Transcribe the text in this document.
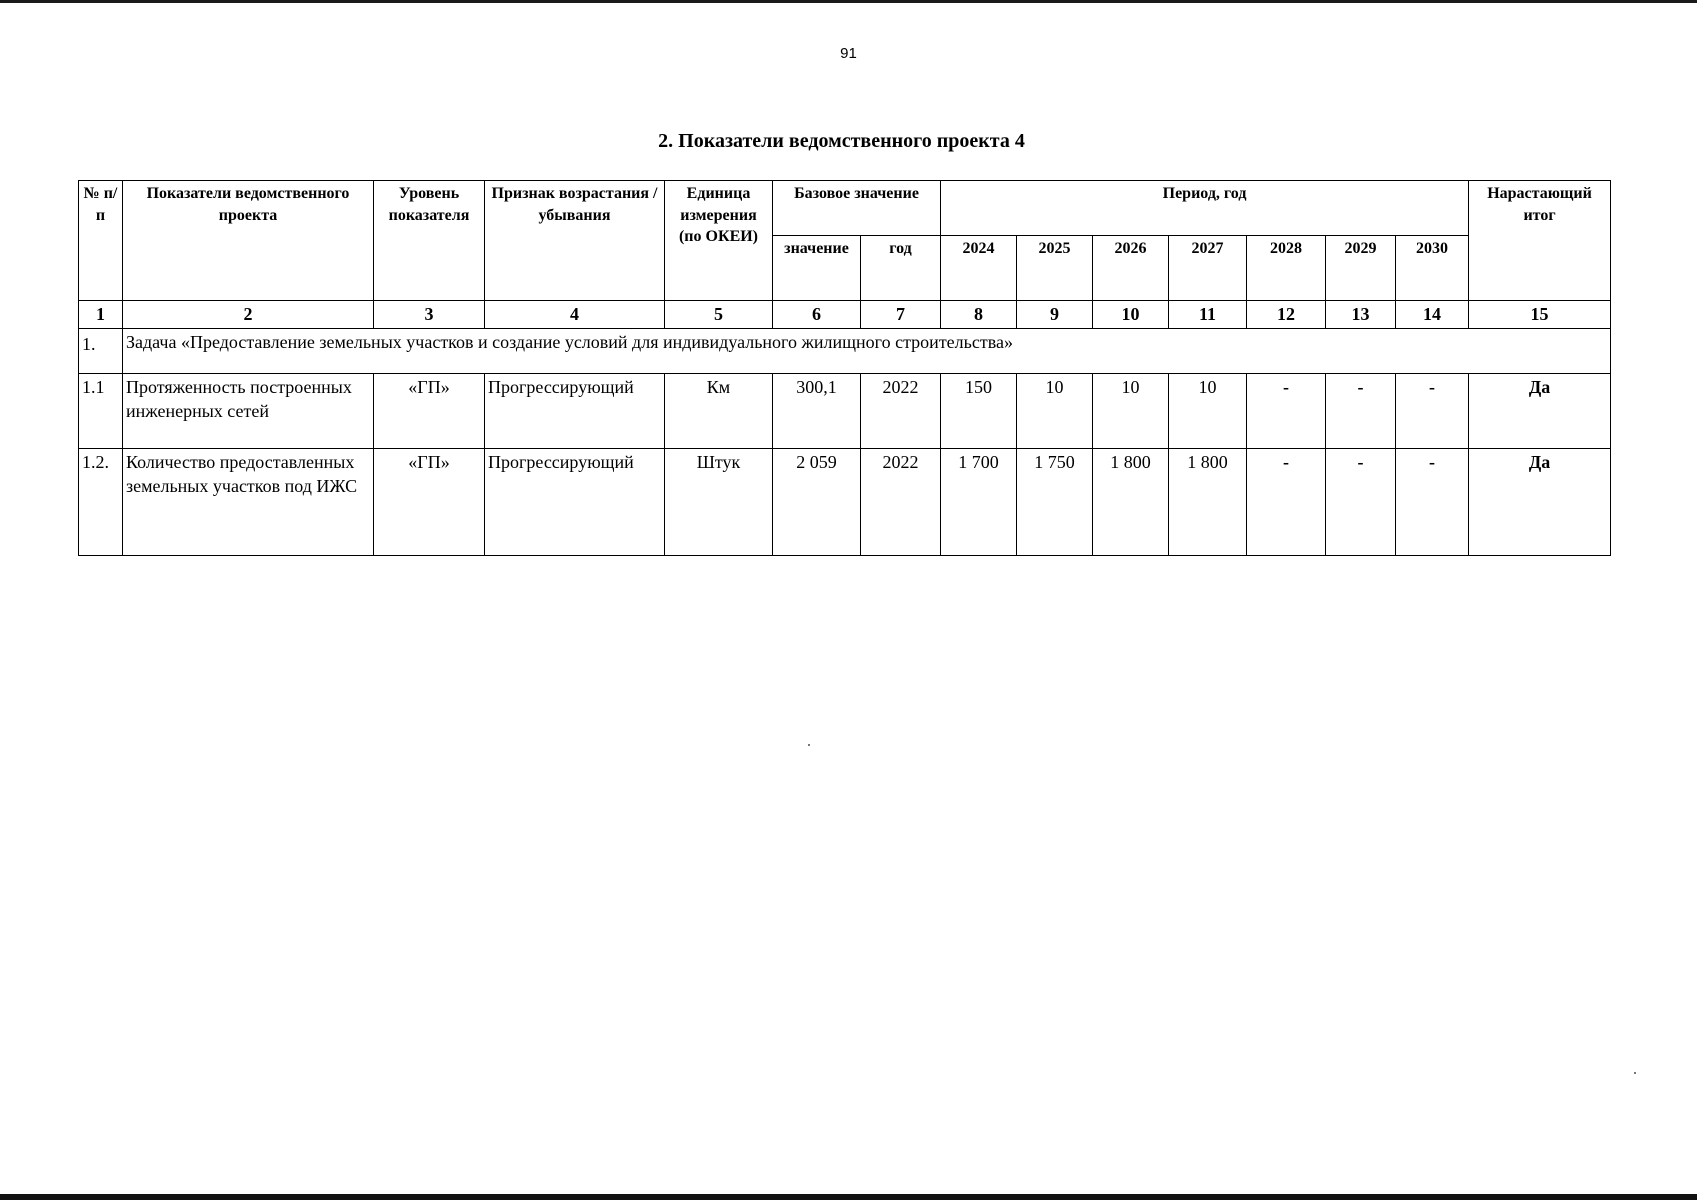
91
2. Показатели ведомственного проекта 4
№ п/п	Показатели ведомственного проекта	Уровень показателя	Признак возрастания / убывания	Единица измерения (по ОКЕИ)	Базовое значение		Период, год							Нарастающий итог
					значение	год	2024	2025	2026	2027	2028	2029	2030	
1	2	3	4	5	6	7	8	9	10	11	12	13	14	15
1.	Задача «Предоставление земельных участков и создание условий для индивидуального жилищного строительства»													
1.1	Протяженность построенных инженерных сетей	«ГП»	Прогрессирующий	Км	300,1	2022	150	10	10	10	-	-	-	Да
1.2.	Количество предоставленных земельных участков под ИЖС	«ГП»	Прогрессирующий	Штук	2 059	2022	1 700	1 750	1 800	1 800	-	-	-	Да
